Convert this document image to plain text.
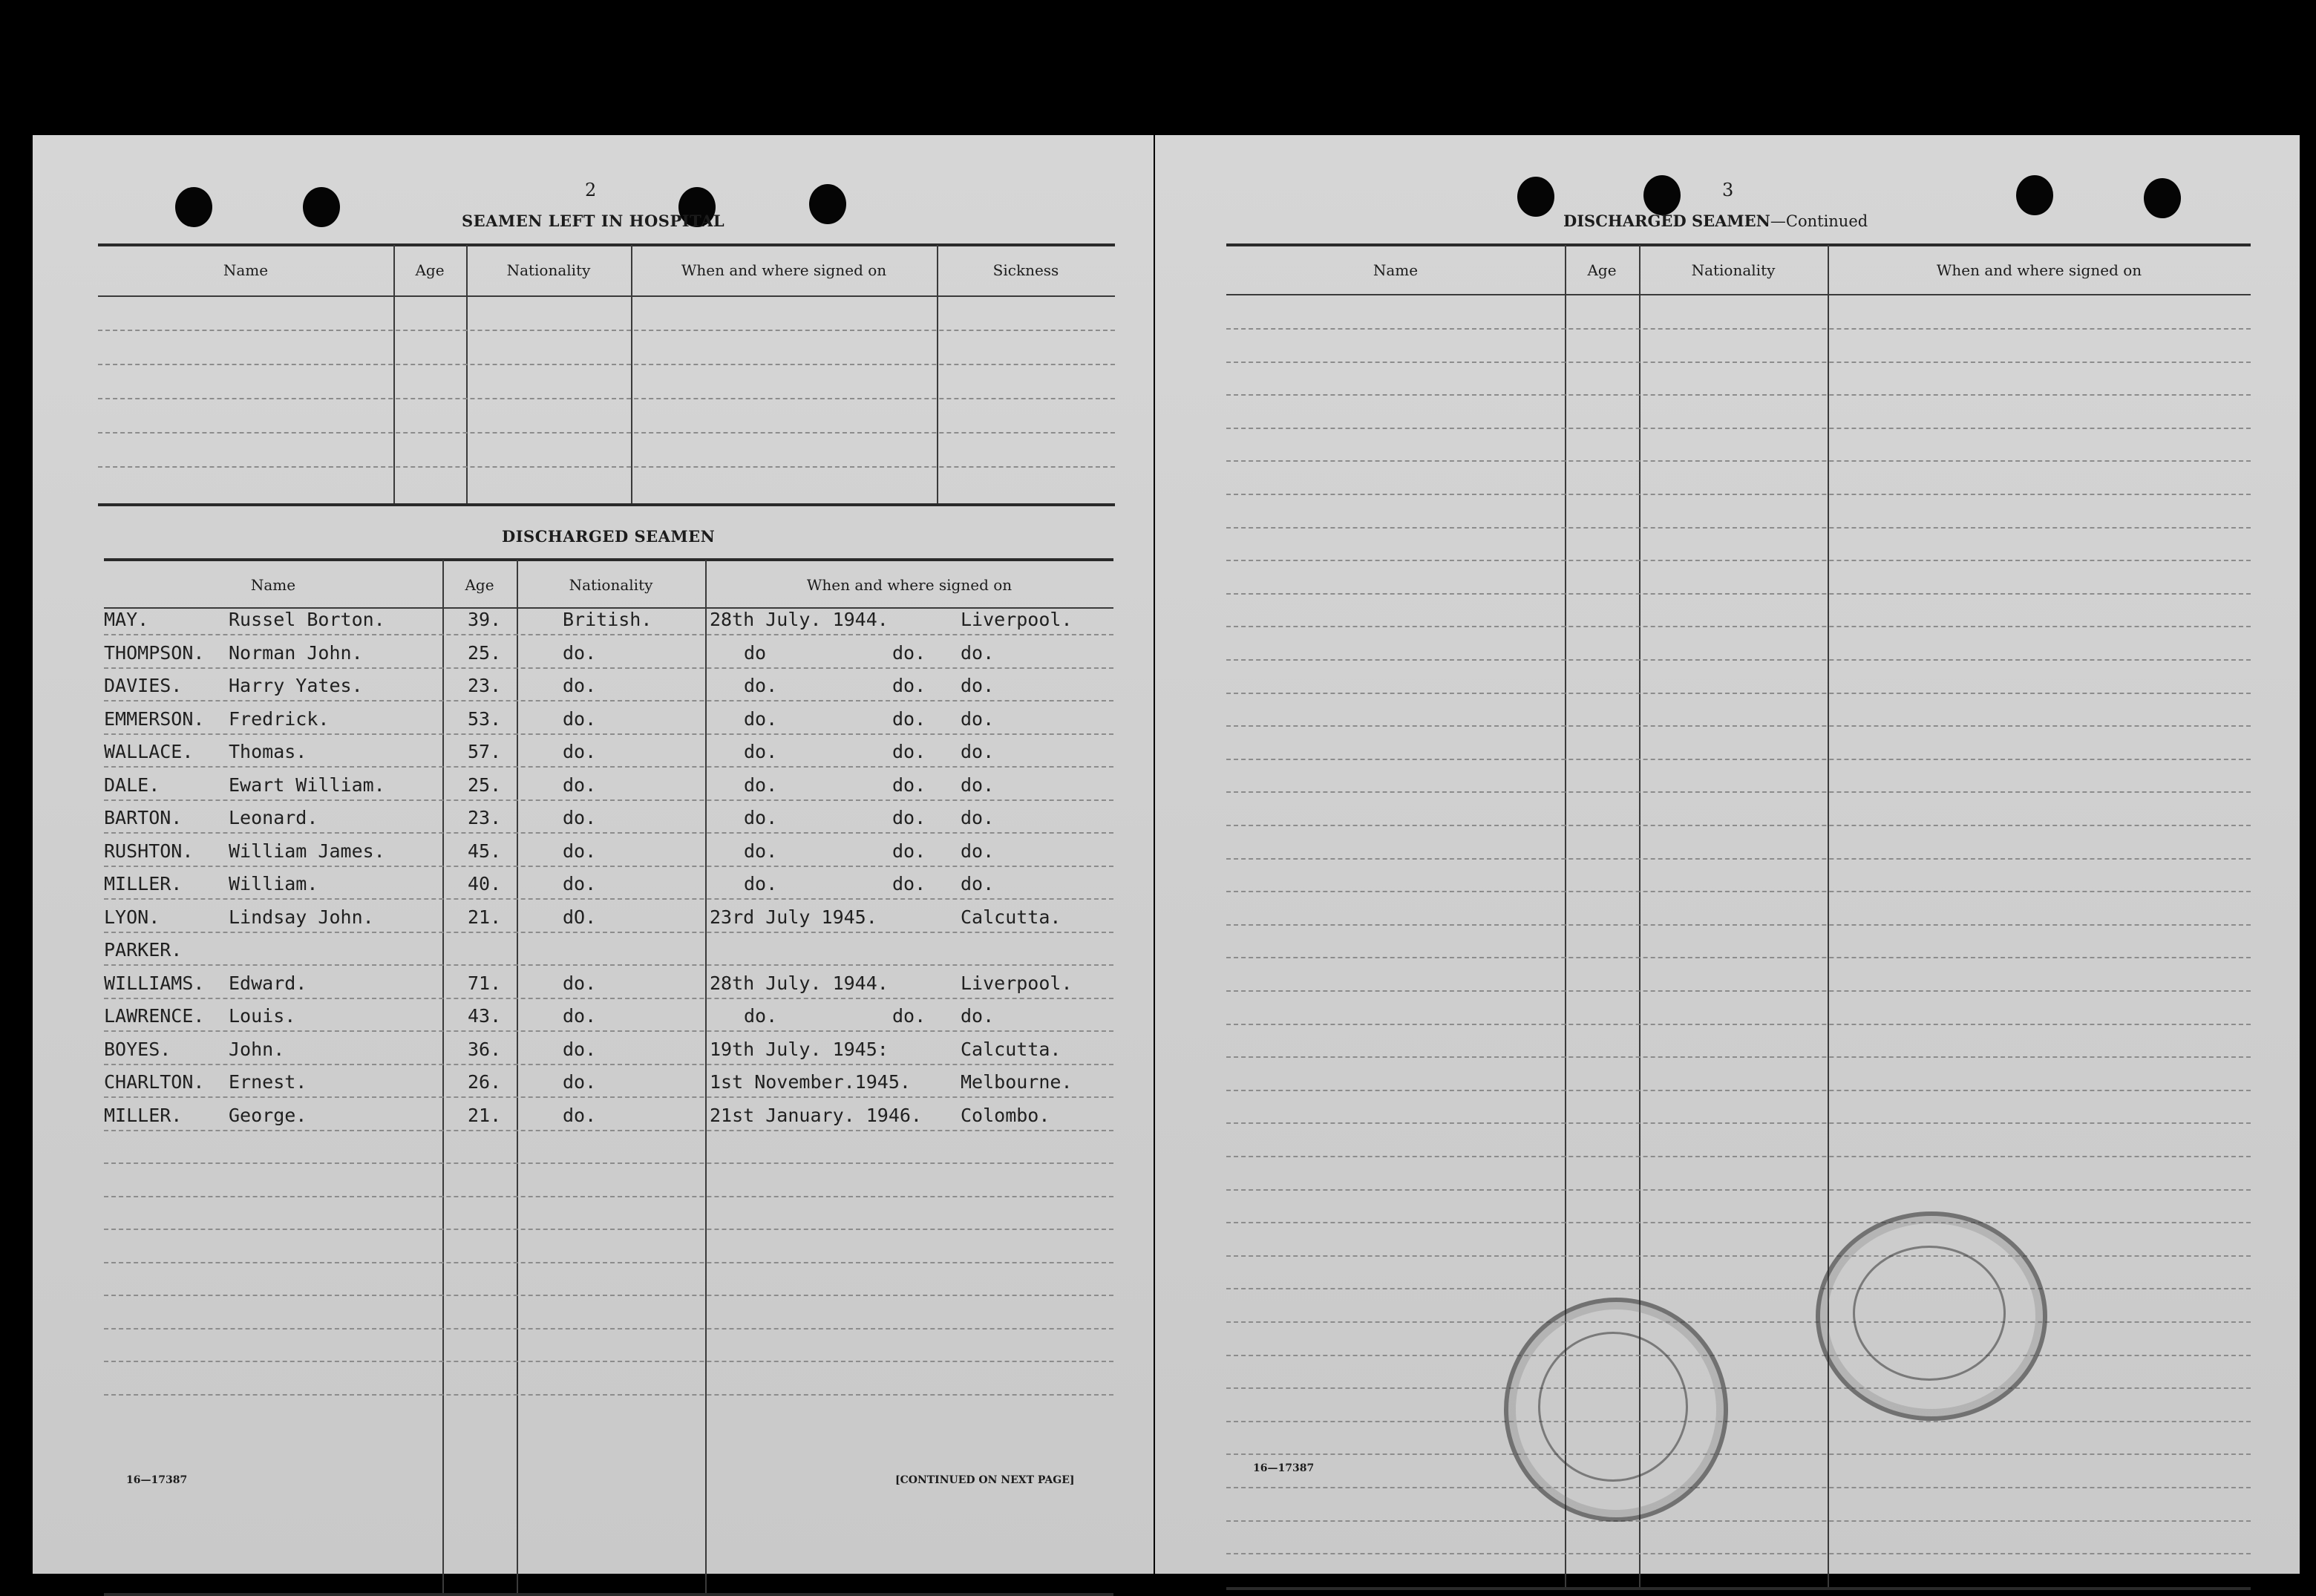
2
SEAMEN LEFT IN HOSPITAL
Name	Age	Nationality	When and where signed on	Sickness
DISCHARGED SEAMEN
Name	Age	Nationality	When and where signed on
MAY.	Russel Borton.	39.	British.	28th July. 1944.	Liverpool.
THOMPSON. Norman John.	25.	do.	do	do. do.
DAVIES.	Harry Yates.	23.	do.	do.	do. do.
EMMERSON. Fredrick.	53.	do.	do.	do. do.
WALLACE. Thomas.	57.	do.	do.	do. do.
DALE.	Ewart William.	25.	do.	do.	do. do.
BARTON.	Leonard.	23.	do.	do.	do. do.
RUSHTON. William James.	45.	do.	do.	do. do.
MILLER.	William.	40.	do.	do.	do. do.
LYON.	Lindsay John.	21.	dO.	23rd July 1945.	Calcutta.
PARKER.
WILLIAMS. Edward.	71.	do.	28th July. 1944.	Liverpool.
LAWRENCE. Louis.	43.	do.	do.	do. do.
BOYES.	John.	36.	do.	19th July. 1945:	Calcutta.
CHARLTON. Ernest.	26.	do.	1st November.1945.	Melbourne.
MILLER.	George.	21.	do.	21st January. 1946. Colombo.
16—17387	[CONTINUED ON NEXT PAGE]
3
DISCHARGED SEAMEN—Continued
Name	Age	Nationality	When and where signed on
16—17387
